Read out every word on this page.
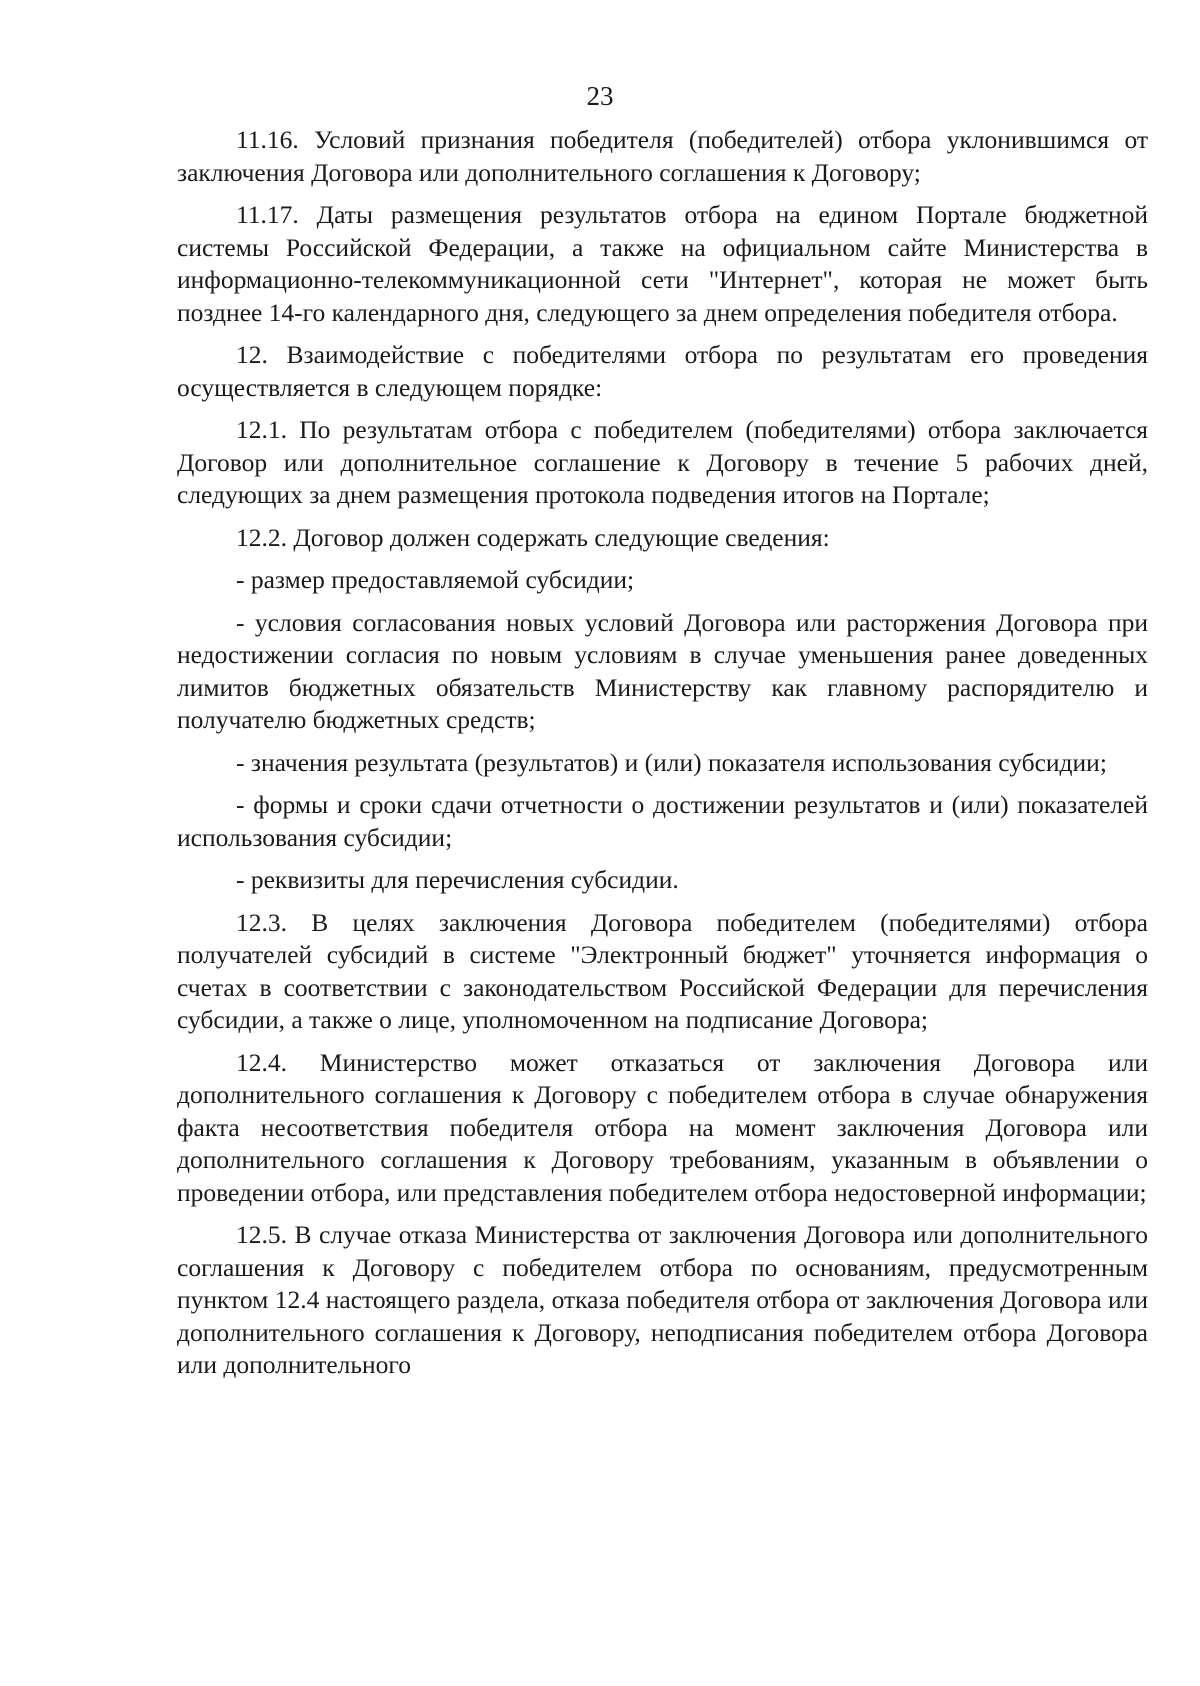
23

11.16. Условий признания победителя (победителей) отбора уклонившимся от заключения Договора или дополнительного соглашения к Договору;

11.17. Даты размещения результатов отбора на едином Портале бюджетной системы Российской Федерации, а также на официальном сайте Министерства в информационно-телекоммуникационной сети "Интернет", которая не может быть позднее 14-го календарного дня, следующего за днем определения победителя отбора.

12. Взаимодействие с победителями отбора по результатам его проведения осуществляется в следующем порядке:

12.1. По результатам отбора с победителем (победителями) отбора заключается Договор или дополнительное соглашение к Договору в течение 5 рабочих дней, следующих за днем размещения протокола подведения итогов на Портале;

12.2. Договор должен содержать следующие сведения:

- размер предоставляемой субсидии;

- условия согласования новых условий Договора или расторжения Договора при недостижении согласия по новым условиям в случае уменьшения ранее доведенных лимитов бюджетных обязательств Министерству как главному распорядителю и получателю бюджетных средств;

- значения результата (результатов) и (или) показателя использования субсидии;

- формы и сроки сдачи отчетности о достижении результатов и (или) показателей использования субсидии;

- реквизиты для перечисления субсидии.

12.3. В целях заключения Договора победителем (победителями) отбора получателей субсидий в системе "Электронный бюджет" уточняется информация о счетах в соответствии с законодательством Российской Федерации для перечисления субсидии, а также о лице, уполномоченном на подписание Договора;

12.4. Министерство может отказаться от заключения Договора или дополнительного соглашения к Договору с победителем отбора в случае обнаружения факта несоответствия победителя отбора на момент заключения Договора или дополнительного соглашения к Договору требованиям, указанным в объявлении о проведении отбора, или представления победителем отбора недостоверной информации;

12.5. В случае отказа Министерства от заключения Договора или дополнительного соглашения к Договору с победителем отбора по основаниям, предусмотренным пунктом 12.4 настоящего раздела, отказа победителя отбора от заключения Договора или дополнительного соглашения к Договору, неподписания победителем отбора Договора или дополнительного
